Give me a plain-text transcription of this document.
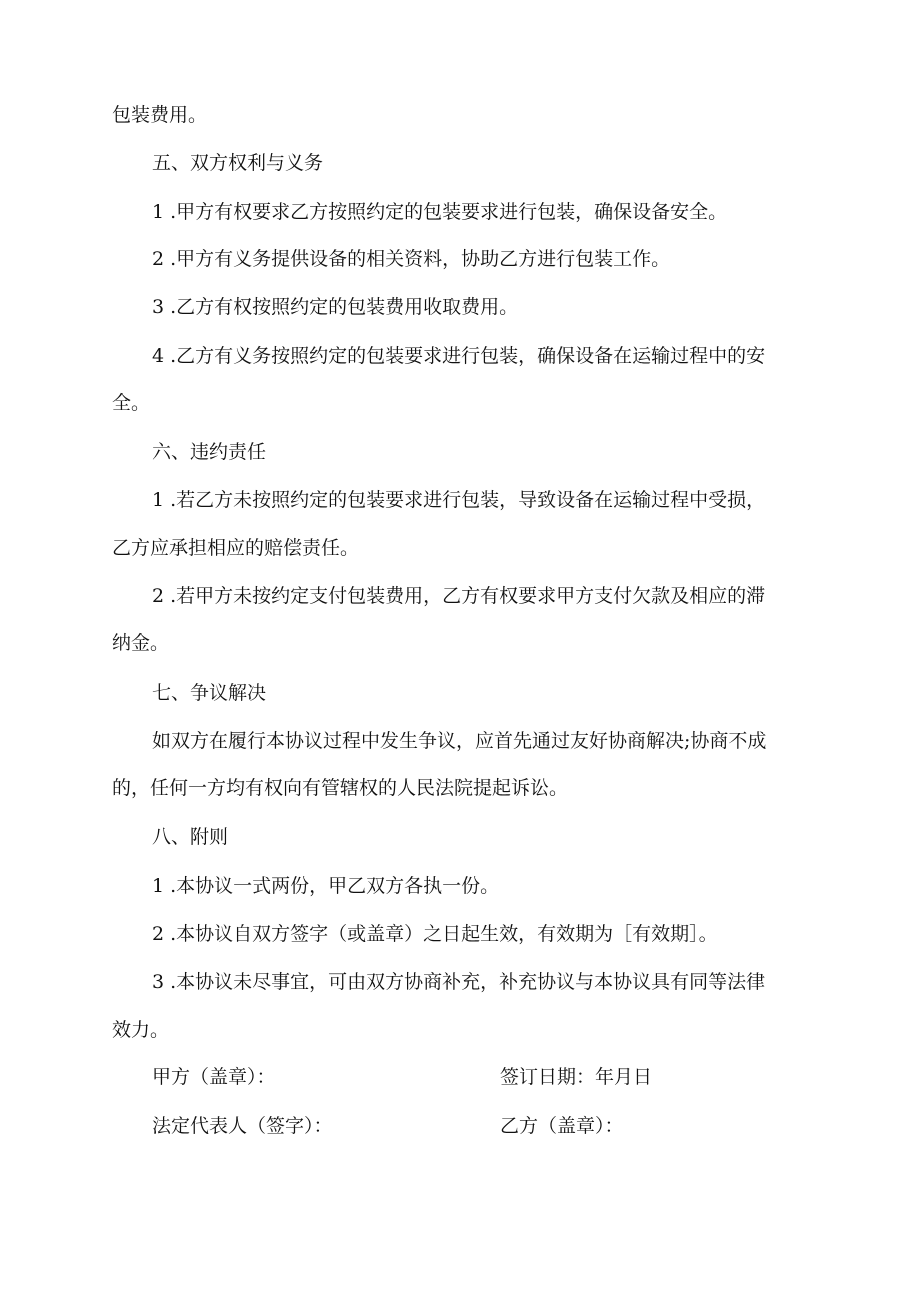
包装费用。
五、双方权利与义务
1 .甲方有权要求乙方按照约定的包装要求进行包装，确保设备安全。
2 .甲方有义务提供设备的相关资料，协助乙方进行包装工作。
3 .乙方有权按照约定的包装费用收取费用。
4 .乙方有义务按照约定的包装要求进行包装，确保设备在运输过程中的安
全。
六、违约责任
1 .若乙方未按照约定的包装要求进行包装，导致设备在运输过程中受损，
乙方应承担相应的赔偿责任。
2 .若甲方未按约定支付包装费用，乙方有权要求甲方支付欠款及相应的滞
纳金。
七、争议解决
如双方在履行本协议过程中发生争议，应首先通过友好协商解决;协商不成
的，任何一方均有权向有管辖权的人民法院提起诉讼。
八、附则
1 .本协议一式两份，甲乙双方各执一份。
2 .本协议自双方签字（或盖章）之日起生效，有效期为［有效期］。
3 .本协议未尽事宜，可由双方协商补充，补充协议与本协议具有同等法律
效力。
甲方（盖章）：	签订日期：年月日
法定代表人（签字）：	乙方（盖章）：
